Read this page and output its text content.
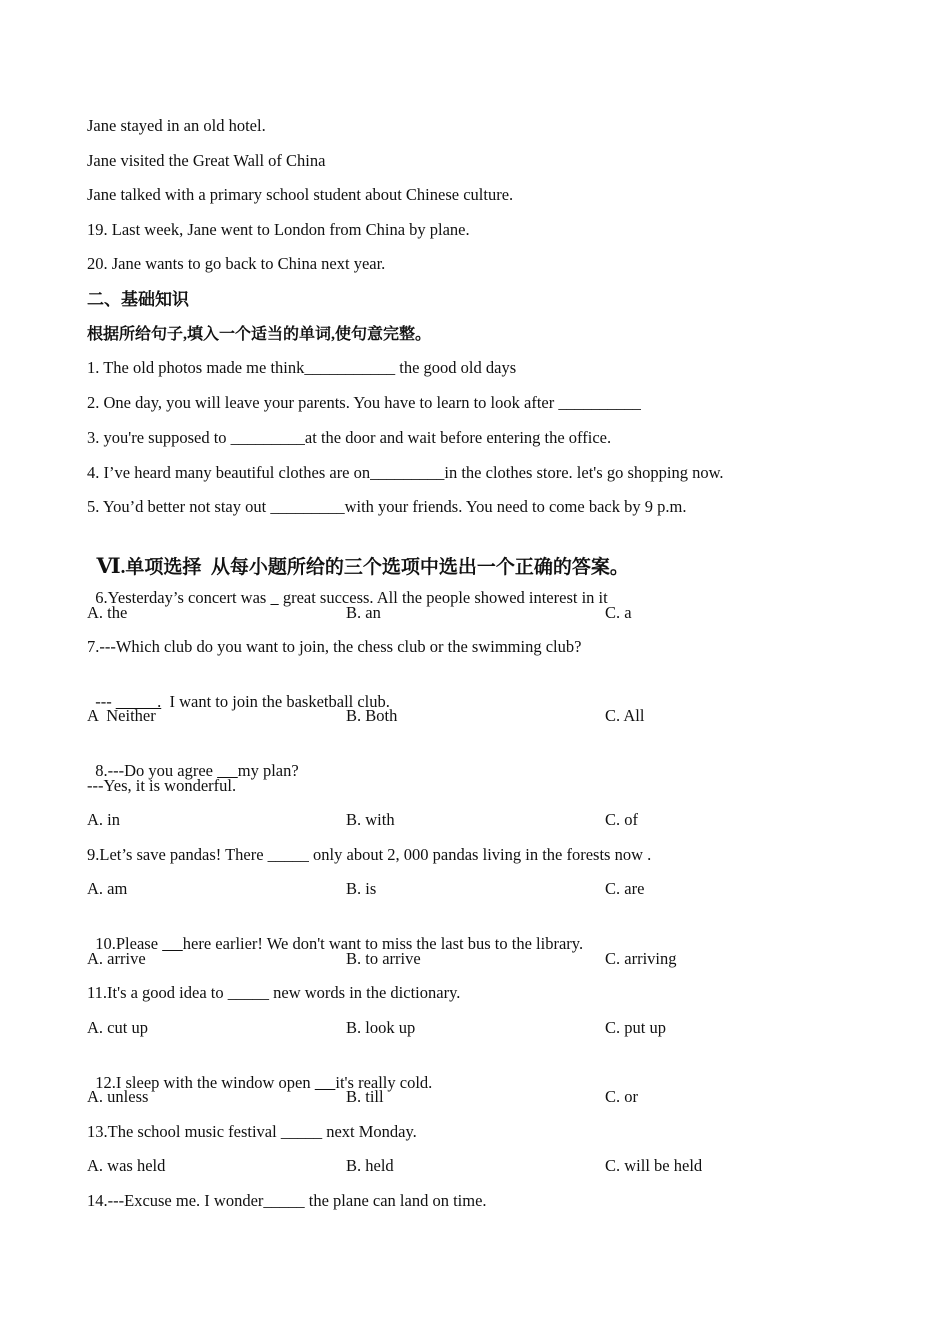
Jane stayed in an old hotel.
Jane visited the Great Wall of China
Jane talked with a primary school student about Chinese culture.
19. Last week, Jane went to London from China by plane.
20. Jane wants to go back to China next year.
二、基础知识
根据所给句子,填入一个适当的单词,使句意完整。
1. The old photos made me think___________ the good old days
2. One day, you will leave your parents. You have to learn to look after __________
3. you're supposed to _________at the door and wait before entering the office.
4. I’ve heard many beautiful clothes are on_________in the clothes store. let's go shopping now.
5. You’d better not stay out _________with your friends. You need to come back by 9 p.m.

Ⅵ.单项选择  从每小题所给的三个选项中选出一个正确的答案。

6.Yesterday’s concert was    great success. All the people showed interest in it

A. the	B. an	C. a
7.---Which club do you want to join, the chess club or the swimming club?

--- _____.  I want to join the basketball club.

A  Neither	B. Both	C. All

8.---Do you agree      my plan?

---Yes, it is wonderful.
A. in	B. with	C. of
9.Let’s save pandas! There _____ only about 2, 000 pandas living in the forests now .
A. am	B. is	C. are

10.Please      here earlier! We don't want to miss the last bus to the library.

A. arrive	B. to arrive	C. arriving
11.It's a good idea to _____ new words in the dictionary.
A. cut up	B. look up	C. put up

12.I sleep with the window open      it's really cold.

A. unless	B. till	C. or
13.The school music festival _____ next Monday.
A. was held	B. held	C. will be held
14.---Excuse me. I wonder_____ the plane can land on time.
